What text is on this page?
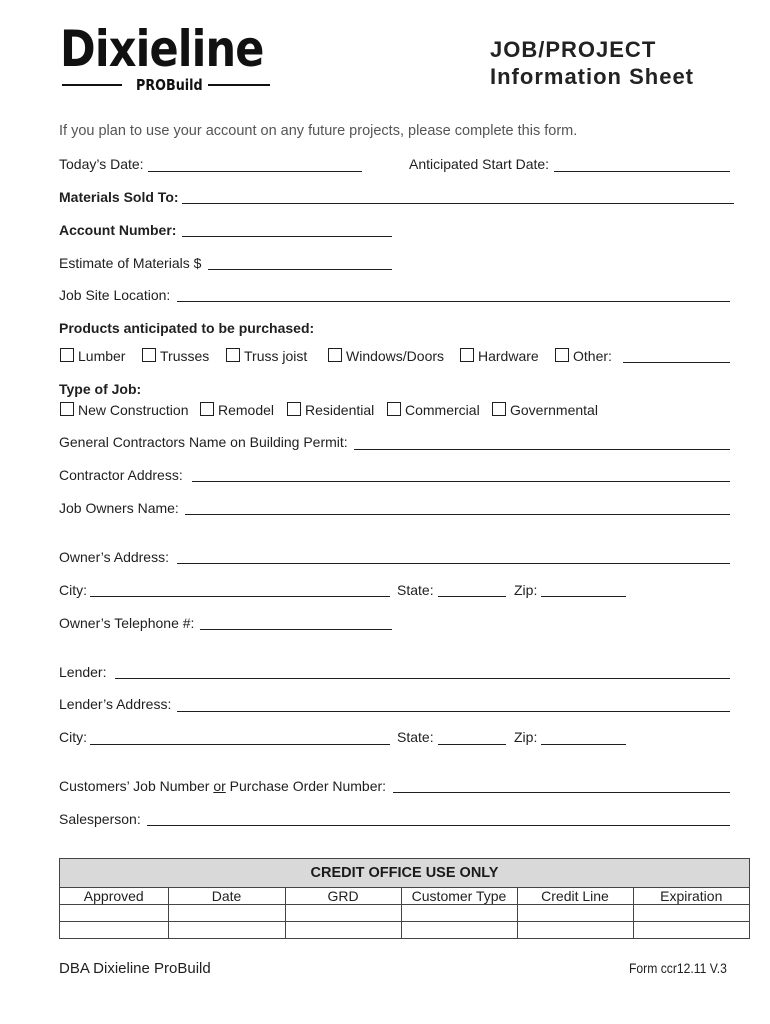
Dixieline
PROBuild
JOB/PROJECT
Information Sheet
If you plan to use your account on any future projects, please complete this form.
Today’s Date:	Anticipated Start Date:
Materials Sold To:
Account Number:
Estimate of Materials $
Job Site Location:
Products anticipated to be purchased:
Lumber Trusses Truss joist	Windows/Doors Hardware Other:
Type of Job:
New Construction Remodel Residential Commercial Governmental
General Contractors Name on Building Permit:
Contractor Address:
Job Owners Name:
Owner’s Address:
City:	State:	Zip:
Owner’s Telephone #:
Lender:
Lender’s Address:
City:	State:	Zip:
Customers’ Job Number or Purchase Order Number:
Salesperson:
CREDIT OFFICE USE ONLY
Approved	Date	GRD	Customer Type	Credit Line	Expiration

DBA Dixieline ProBuild	Form ccr12.11 V.3
